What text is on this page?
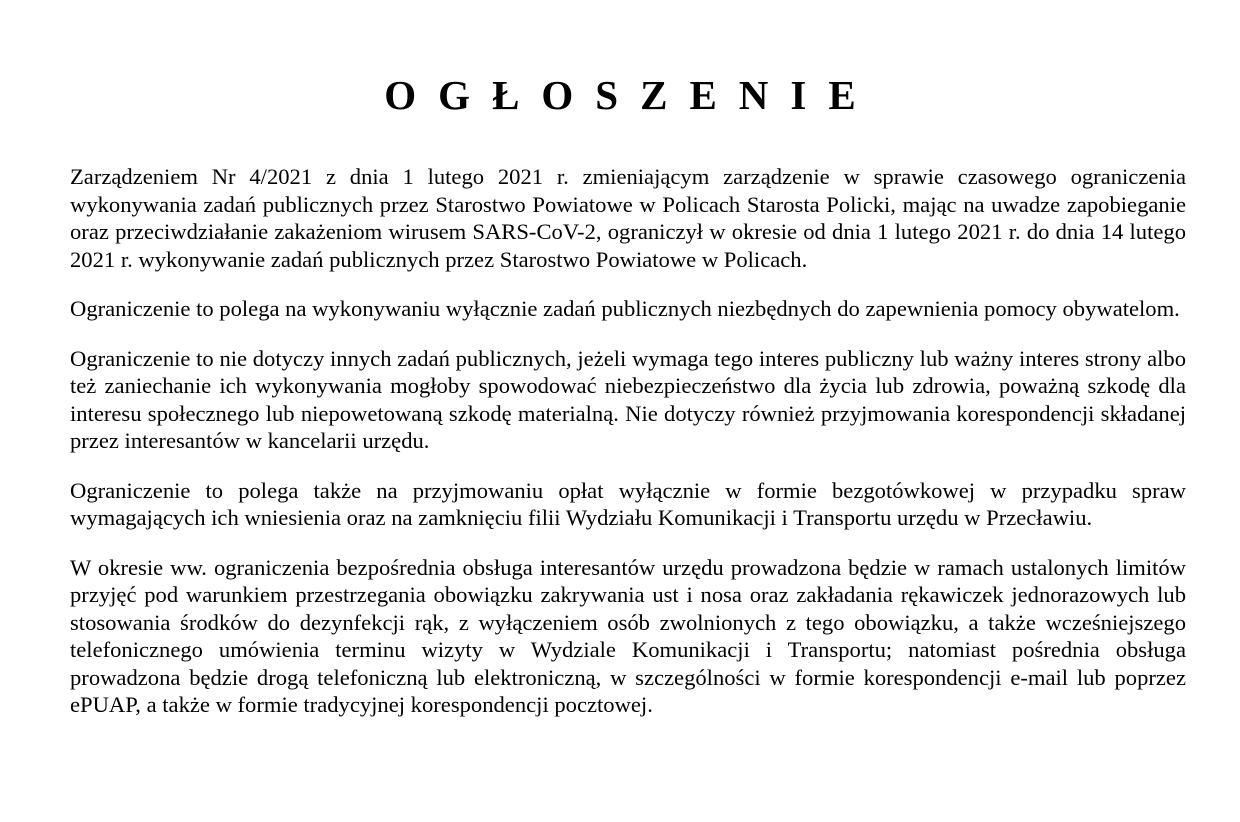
OGŁOSZENIE

Zarządzeniem Nr 4/2021 z dnia 1 lutego 2021 r. zmieniającym zarządzenie w sprawie czasowego ograniczenia wykonywania zadań publicznych przez Starostwo Powiatowe w Policach Starosta Policki, mając na uwadze zapobieganie oraz przeciwdziałanie zakażeniom wirusem SARS-CoV-2, ograniczył w okresie od dnia 1 lutego 2021 r. do dnia 14 lutego 2021 r. wykonywanie zadań publicznych przez Starostwo Powiatowe w Policach.

Ograniczenie to polega na wykonywaniu wyłącznie zadań publicznych niezbędnych do zapewnienia pomocy obywatelom.

Ograniczenie to nie dotyczy innych zadań publicznych, jeżeli wymaga tego interes publiczny lub ważny interes strony albo też zaniechanie ich wykonywania mogłoby spowodować niebezpieczeństwo dla życia lub zdrowia, poważną szkodę dla interesu społecznego lub niepowetowaną szkodę materialną. Nie dotyczy również przyjmowania korespondencji składanej przez interesantów w kancelarii urzędu.

Ograniczenie to polega także na przyjmowaniu opłat wyłącznie w formie bezgotówkowej w przypadku spraw wymagających ich wniesienia oraz na zamknięciu filii Wydziału Komunikacji i Transportu urzędu w Przecławiu.

W okresie ww. ograniczenia bezpośrednia obsługa interesantów urzędu prowadzona będzie w ramach ustalonych limitów przyjęć pod warunkiem przestrzegania obowiązku zakrywania ust i nosa oraz zakładania rękawiczek jednorazowych lub stosowania środków do dezynfekcji rąk, z wyłączeniem osób zwolnionych z tego obowiązku, a także wcześniejszego telefonicznego umówienia terminu wizyty w Wydziale Komunikacji i Transportu; natomiast pośrednia obsługa prowadzona będzie drogą telefoniczną lub elektroniczną, w szczególności w formie korespondencji e-mail lub poprzez ePUAP, a także w formie tradycyjnej korespondencji pocztowej.
